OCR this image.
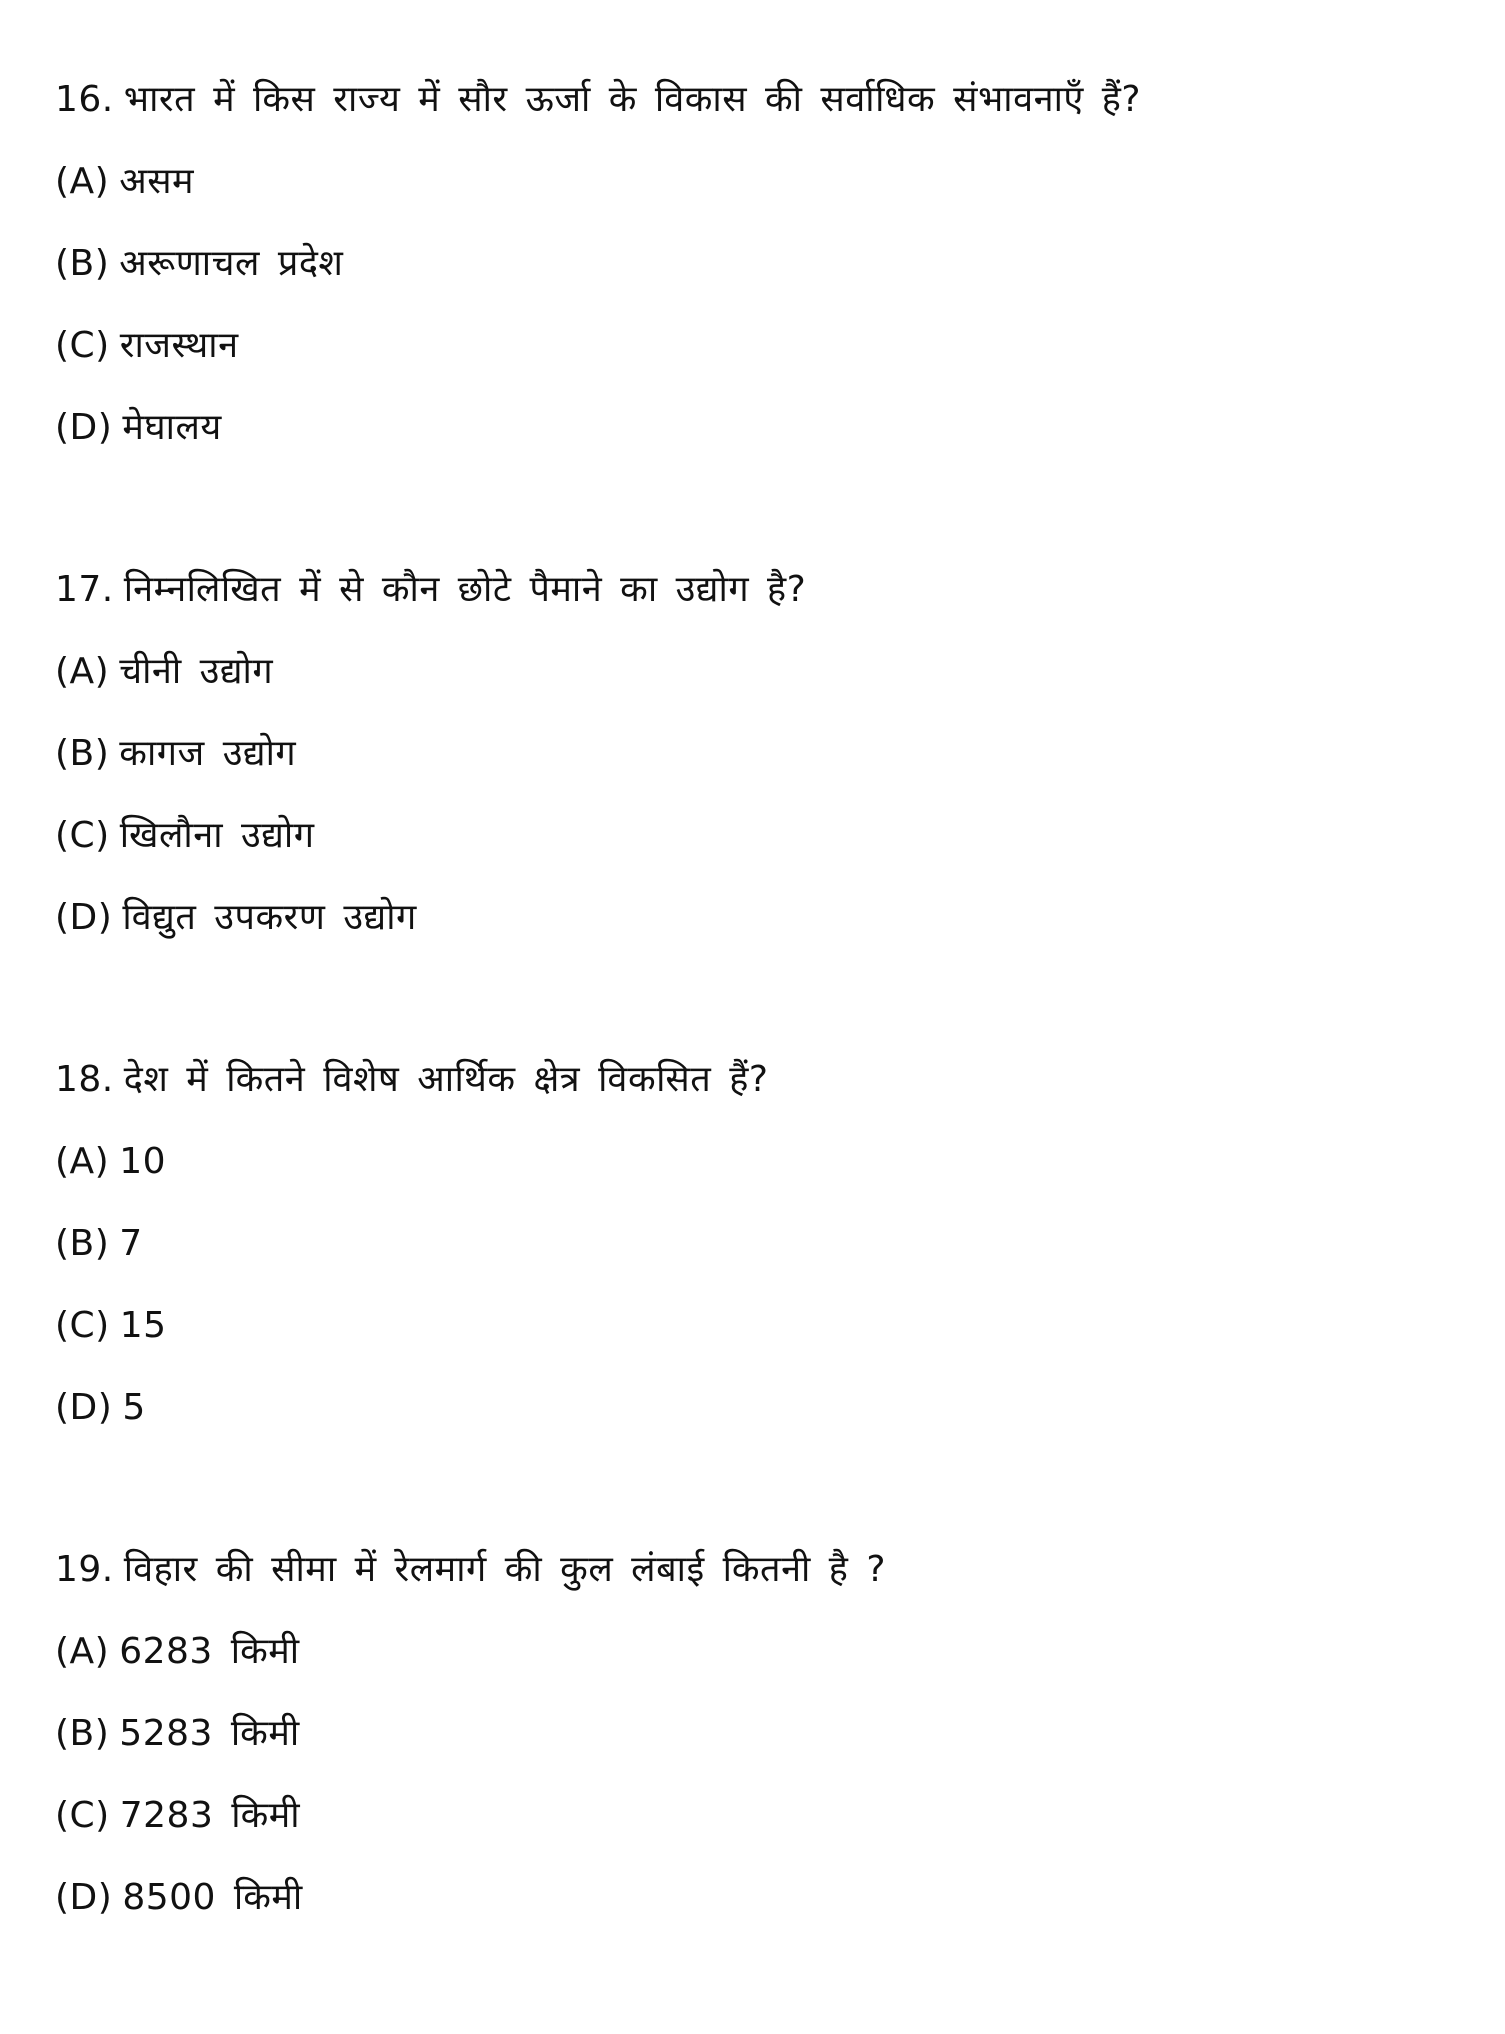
16. भारत में किस राज्य में सौर ऊर्जा के विकास की सर्वाधिक संभावनाएँ हैं?
(A) असम
(B) अरूणाचल प्रदेश
(C) राजस्थान
(D) मेघालय
17. निम्नलिखित में से कौन छोटे पैमाने का उद्योग है?
(A) चीनी उद्योग
(B) कागज उद्योग
(C) खिलौना उद्योग
(D) विद्युत उपकरण उद्योग
18. देश में कितने विशेष आर्थिक क्षेत्र विकसित हैं?
(A) 10
(B) 7
(C) 15
(D) 5
19. विहार की सीमा में रेलमार्ग की कुल लंबाई कितनी है ?
(A) 6283 किमी
(B) 5283 किमी
(C) 7283 किमी
(D) 8500 किमी
